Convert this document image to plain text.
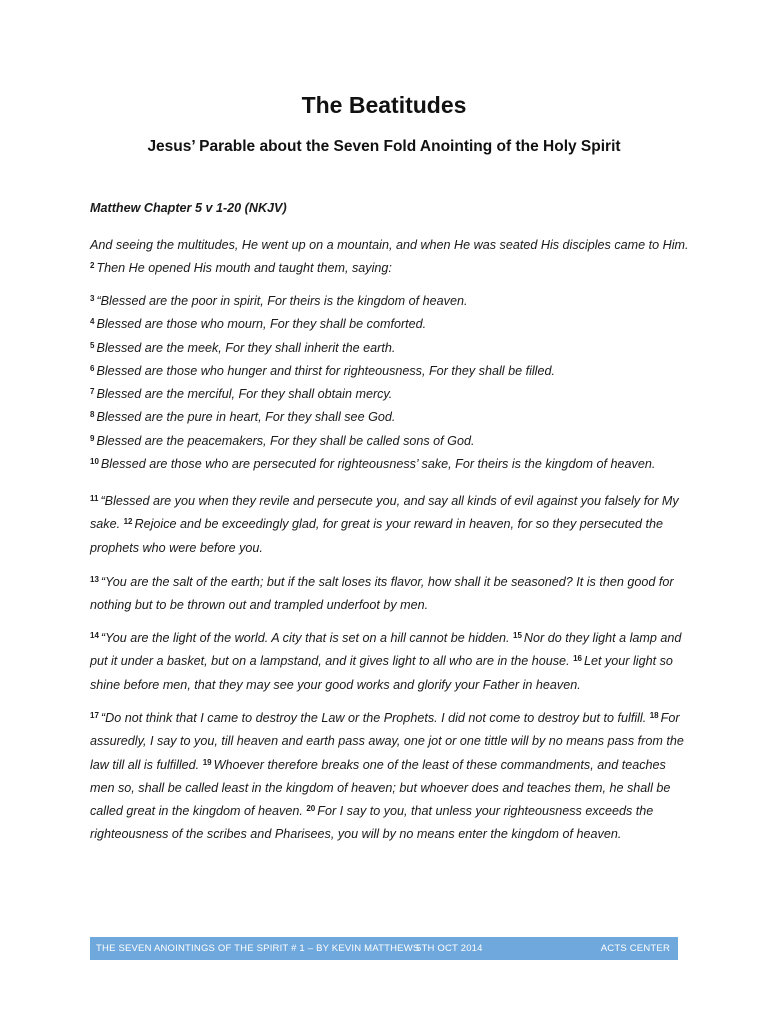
The Beatitudes
Jesus’ Parable about the Seven Fold Anointing of the Holy Spirit
Matthew Chapter 5 v 1-20 (NKJV)

And seeing the multitudes, He went up on a mountain, and when He was seated His disciples came to Him. $^2$ Then He opened His mouth and taught them, saying:

$^3$ “Blessed are the poor in spirit, For theirs is the kingdom of heaven.

$^4$ Blessed are those who mourn, For they shall be comforted.

$^5$ Blessed are the meek, For they shall inherit the earth.

$^6$ Blessed are those who hunger and thirst for righteousness, For they shall be filled.

$^7$ Blessed are the merciful, For they shall obtain mercy.

$^8$ Blessed are the pure in heart, For they shall see God.

$^9$ Blessed are the peacemakers, For they shall be called sons of God.

$^{10}$ Blessed are those who are persecuted for righteousness’ sake, For theirs is the kingdom of heaven.

$^{11}$ “Blessed are you when they revile and persecute you, and say all kinds of evil against you falsely for My sake. $^{12}$ Rejoice and be exceedingly glad, for great is your reward in heaven, for so they persecuted the prophets who were before you.

$^{13}$ “You are the salt of the earth; but if the salt loses its flavor, how shall it be seasoned? It is then good for nothing but to be thrown out and trampled underfoot by men.

$^{14}$ “You are the light of the world. A city that is set on a hill cannot be hidden. $^{15}$ Nor do they light a lamp and put it under a basket, but on a lampstand, and it gives light to all who are in the house. $^{16}$ Let your light so shine before men, that they may see your good works and glorify your Father in heaven.

$^{17}$ “Do not think that I came to destroy the Law or the Prophets. I did not come to destroy but to fulfill. $^{18}$ For assuredly, I say to you, till heaven and earth pass away, one jot or one tittle will by no means pass from the law till all is fulfilled. $^{19}$ Whoever therefore breaks one of the least of these commandments, and teaches men so, shall be called least in the kingdom of heaven; but whoever does and teaches them, he shall be called great in the kingdom of heaven. $^{20}$ For I say to you, that unless your righteousness exceeds the righteousness of the scribes and Pharisees, you will by no means enter the kingdom of heaven.

THE SEVEN ANOINTINGS OF THE SPIRIT # 1 – BY KEVIN MATTHEWS
5TH OCT 2014	ACTS CENTER
